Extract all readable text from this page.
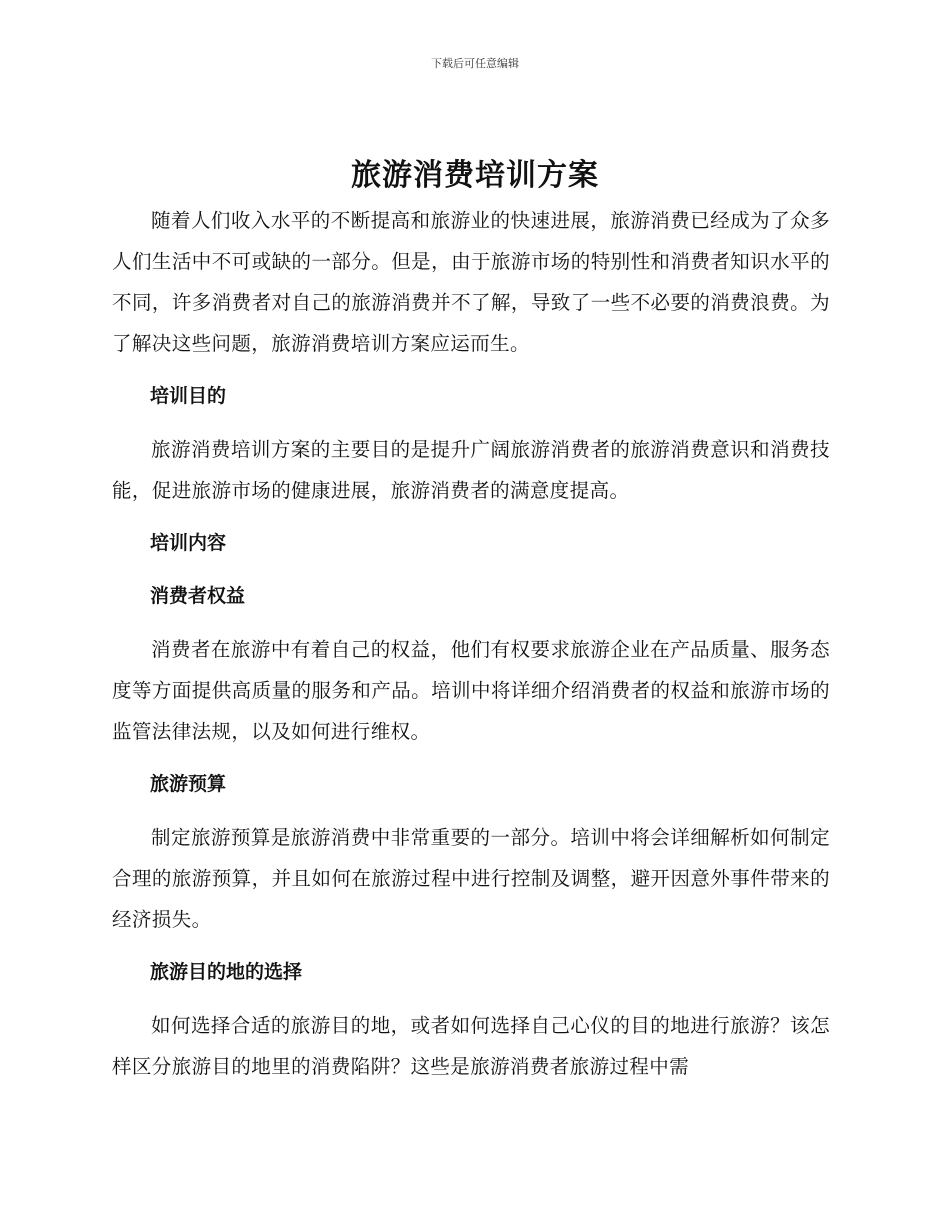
下载后可任意编辑
旅游消费培训方案

随着人们收入水平的不断提高和旅游业的快速进展，旅游消费已经成为了众多人们生活中不可或缺的一部分。但是，由于旅游市场的特别性和消费者知识水平的不同，许多消费者对自己的旅游消费并不了解，导致了一些不必要的消费浪费。为了解决这些问题，旅游消费培训方案应运而生。

培训目的

旅游消费培训方案的主要目的是提升广阔旅游消费者的旅游消费意识和消费技能，促进旅游市场的健康进展，旅游消费者的满意度提高。

培训内容
消费者权益

消费者在旅游中有着自己的权益，他们有权要求旅游企业在产品质量、服务态度等方面提供高质量的服务和产品。培训中将详细介绍消费者的权益和旅游市场的监管法律法规，以及如何进行维权。

旅游预算

制定旅游预算是旅游消费中非常重要的一部分。培训中将会详细解析如何制定合理的旅游预算，并且如何在旅游过程中进行控制及调整，避开因意外事件带来的经济损失。

旅游目的地的选择

如何选择合适的旅游目的地，或者如何选择自己心仪的目的地进行旅游？该怎样区分旅游目的地里的消费陷阱？这些是旅游消费者旅游过程中需
